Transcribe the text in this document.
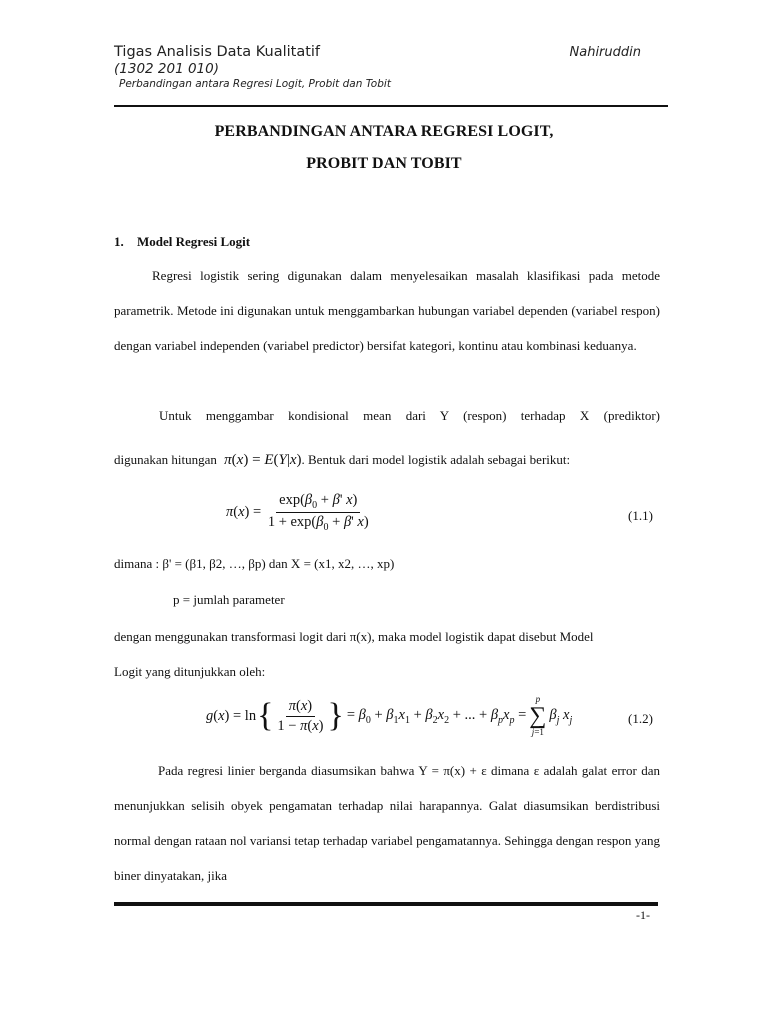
Tigas Analisis Data Kualitatif	Nahiruddin
(1302 201 010)
Perbandingan antara Regresi Logit, Probit dan Tobit
PERBANDINGAN ANTARA REGRESI LOGIT,
PROBIT DAN TOBIT
1. Model Regresi Logit

Regresi logistik sering digunakan dalam menyelesaikan masalah klasifikasi pada metode parametrik. Metode ini digunakan untuk menggambarkan hubungan variabel dependen (variabel respon) dengan variabel independen (variabel predictor) bersifat kategori, kontinu atau kombinasi keduanya.

Untuk menggambar kondisional mean dari Y (respon) terhadap X (prediktor)

digunakan hitungan π(x) = E(Y|x). Bentuk dari model logistik adalah sebagai berikut:
$\pi(x) = \frac{\exp(\beta_0 + \beta' x)}{1 + \exp(\beta_0 + \beta' x)}$	(1.1)
dimana : β' = (β1, β2, …, βp) dan X = (x1, x2, …, xp)
p = jumlah parameter
dengan menggunakan transformasi logit dari π(x), maka model logistik dapat disebut Model
Logit yang ditunjukkan oleh:
g(x) = ln { $\frac{\pi(x)}{1 - \pi(x)}$ } = $\beta_0 + \beta_1x_1 + \beta_2x_2$ + ... + $\beta_px_p$ =
p
∑
j=1
$\beta_j$ $x_j$	(1.2)

Pada regresi linier berganda diasumsikan bahwa Y = π(x) + ε dimana ε adalah galat error dan menunjukkan selisih obyek pengamatan terhadap nilai harapannya. Galat diasumsikan berdistribusi normal dengan rataan nol variansi tetap terhadap variabel pengamatannya. Sehingga dengan respon yang biner dinyatakan, jika

-1-
